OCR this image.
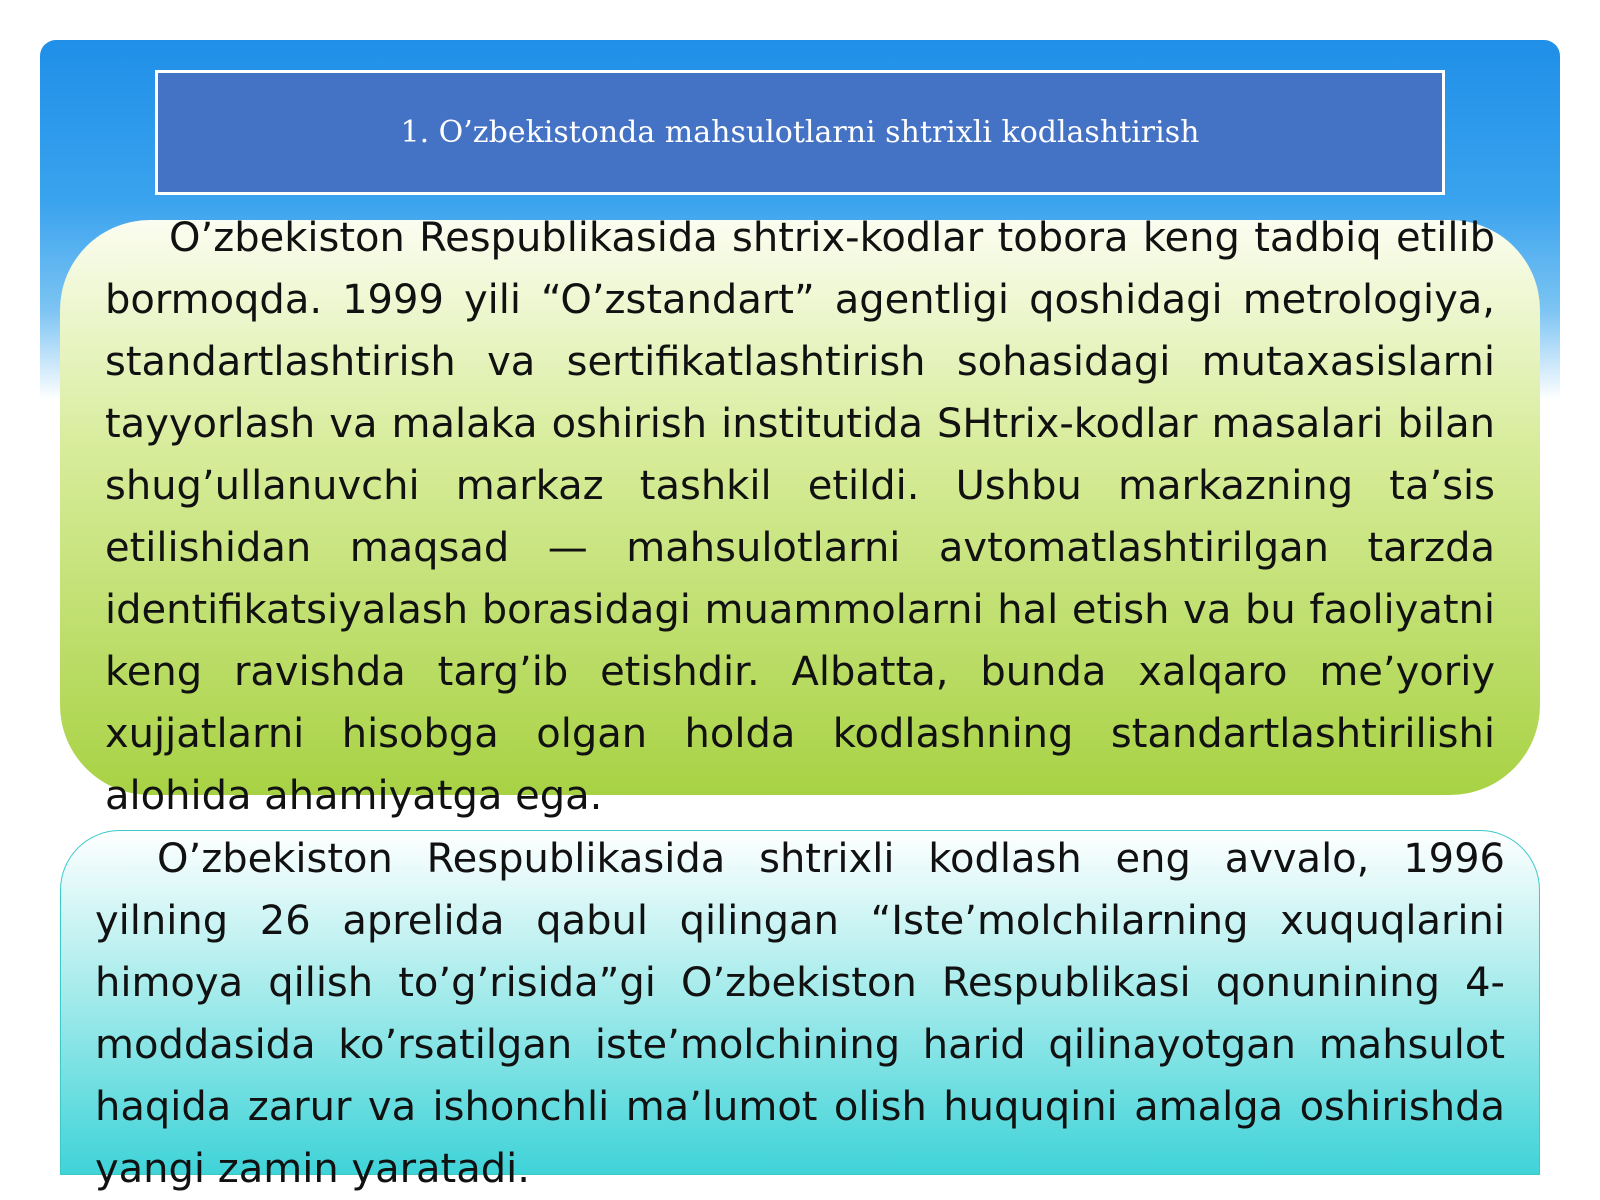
1. O’zbekistonda mahsulotlarni shtrixli kodlashtirish

O’zbekiston Respublikasida shtrix-kodlar tobora keng tadbiq etilib bormoqda. 1999 yili “O’zstandart” agentligi qoshidagi metrologiya, standartlashtirish va sertifikatlashtirish sohasidagi mutaxasislarni tayyorlash va malaka oshirish institutida SHtrix-kodlar masalari bilan shug’ullanuvchi markaz tashkil etildi. Ushbu markazning ta’sis etilishidan maqsad — mahsulotlarni avtomatlashtirilgan tarzda identifikatsiyalash borasidagi muammolarni hal etish va bu faoliyatni keng ravishda targ’ib etishdir. Albatta, bunda xalqaro me’yoriy xujjatlarni hisobga olgan holda kodlashning standartlashtirilishi alohida ahamiyatga ega.

O’zbekiston Respublikasida shtrixli kodlash eng avvalo, 1996 yilning 26 aprelida qabul qilingan “Iste’molchilarning xuquqlarini himoya qilish to’g’risida”gi O’zbekiston Respublikasi qonunining 4-moddasida ko’rsatilgan iste’molchining harid qilinayotgan mahsulot haqida zarur va ishonchli ma’lumot olish huquqini amalga oshirishda yangi zamin yaratadi.
